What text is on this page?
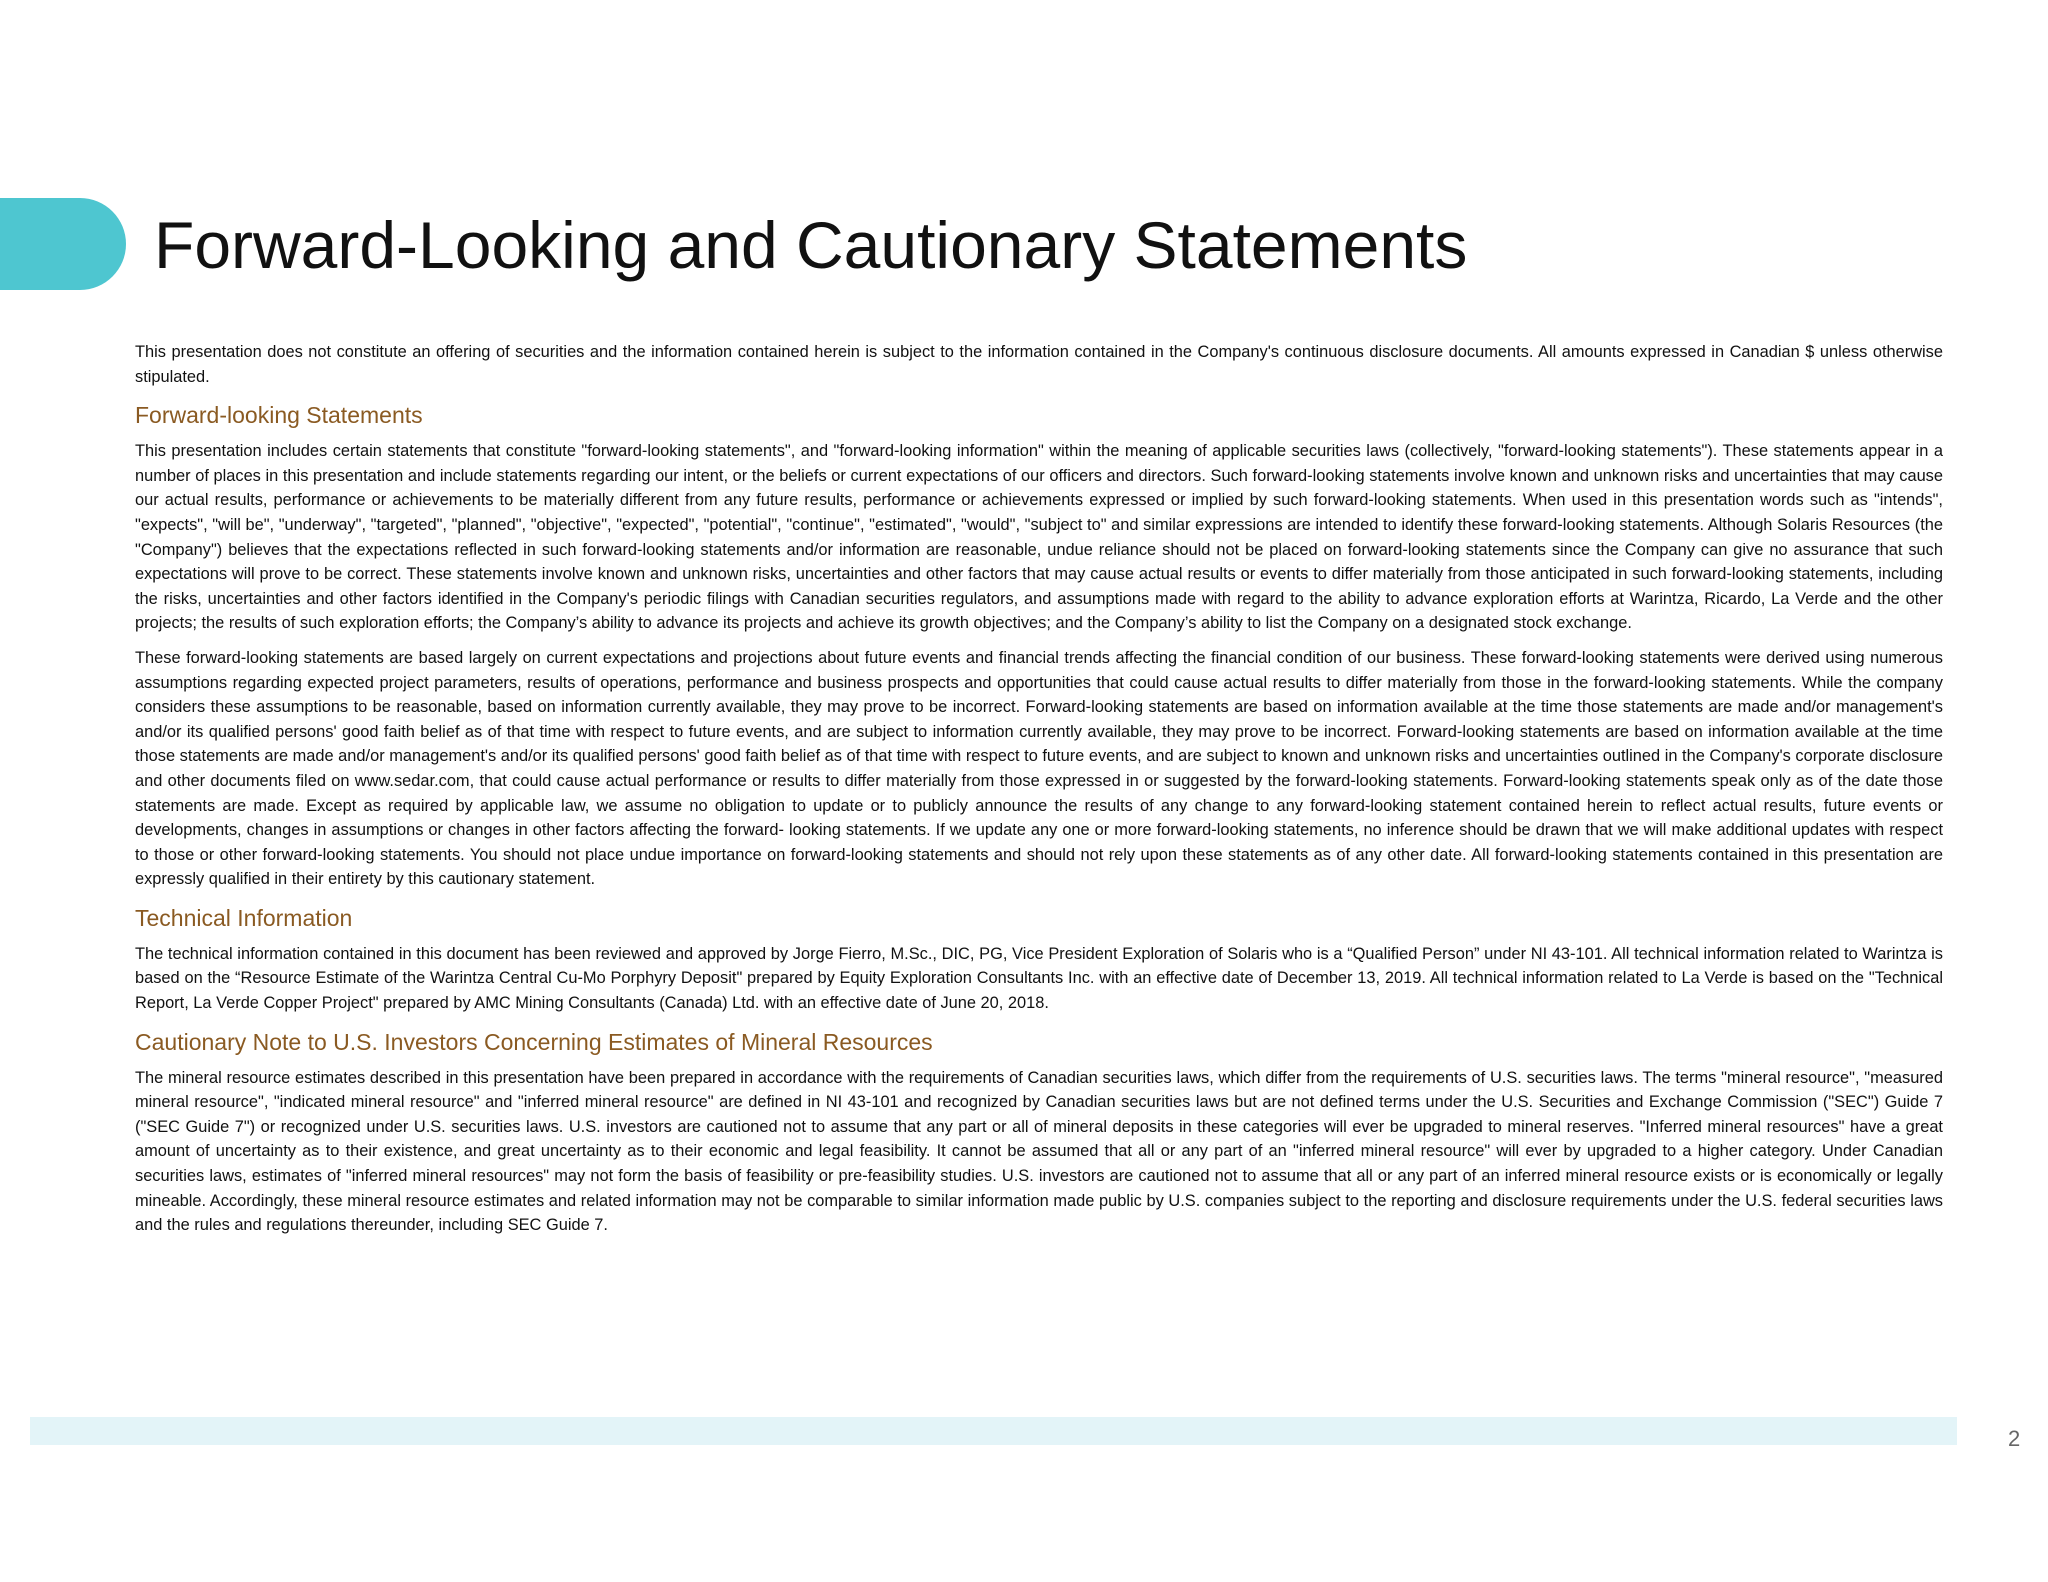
Forward-Looking and Cautionary Statements

This presentation does not constitute an offering of securities and the information contained herein is subject to the information contained in the Company's continuous disclosure documents. All amounts expressed in Canadian $ unless otherwise stipulated.

Forward-looking Statements

This presentation includes certain statements that constitute "forward-looking statements", and "forward-looking information" within the meaning of applicable securities laws (collectively, "forward-looking statements"). These statements appear in a number of places in this presentation and include statements regarding our intent, or the beliefs or current expectations of our officers and directors. Such forward-looking statements involve known and unknown risks and uncertainties that may cause our actual results, performance or achievements to be materially different from any future results, performance or achievements expressed or implied by such forward-looking statements. When used in this presentation words such as "intends", "expects", "will be", "underway", "targeted", "planned", "objective", "expected", "potential", "continue", "estimated", "would", "subject to" and similar expressions are intended to identify these forward-looking statements. Although Solaris Resources (the "Company") believes that the expectations reflected in such forward-looking statements and/or information are reasonable, undue reliance should not be placed on forward-looking statements since the Company can give no assurance that such expectations will prove to be correct. These statements involve known and unknown risks, uncertainties and other factors that may cause actual results or events to differ materially from those anticipated in such forward-looking statements, including the risks, uncertainties and other factors identified in the Company's periodic filings with Canadian securities regulators, and assumptions made with regard to the ability to advance exploration efforts at Warintza, Ricardo, La Verde and the other projects; the results of such exploration efforts; the Company’s ability to advance its projects and achieve its growth objectives; and the Company’s ability to list the Company on a designated stock exchange.

These forward-looking statements are based largely on current expectations and projections about future events and financial trends affecting the financial condition of our business. These forward-looking statements were derived using numerous assumptions regarding expected project parameters, results of operations, performance and business prospects and opportunities that could cause actual results to differ materially from those in the forward-looking statements. While the company considers these assumptions to be reasonable, based on information currently available, they may prove to be incorrect. Forward-looking statements are based on information available at the time those statements are made and/or management's and/or its qualified persons' good faith belief as of that time with respect to future events, and are subject to information currently available, they may prove to be incorrect. Forward-looking statements are based on information available at the time those statements are made and/or management's and/or its qualified persons' good faith belief as of that time with respect to future events, and are subject to known and unknown risks and uncertainties outlined in the Company's corporate disclosure and other documents filed on www.sedar.com, that could cause actual performance or results to differ materially from those expressed in or suggested by the forward-looking statements. Forward-looking statements speak only as of the date those statements are made. Except as required by applicable law, we assume no obligation to update or to publicly announce the results of any change to any forward-looking statement contained herein to reflect actual results, future events or developments, changes in assumptions or changes in other factors affecting the forward- looking statements. If we update any one or more forward-looking statements, no inference should be drawn that we will make additional updates with respect to those or other forward-looking statements. You should not place undue importance on forward-looking statements and should not rely upon these statements as of any other date. All forward-looking statements contained in this presentation are expressly qualified in their entirety by this cautionary statement.

Technical Information

The technical information contained in this document has been reviewed and approved by Jorge Fierro, M.Sc., DIC, PG, Vice President Exploration of Solaris who is a “Qualified Person” under NI 43-101. All technical information related to Warintza is based on the “Resource Estimate of the Warintza Central Cu-Mo Porphyry Deposit" prepared by Equity Exploration Consultants Inc. with an effective date of December 13, 2019. All technical information related to La Verde is based on the "Technical Report, La Verde Copper Project" prepared by AMC Mining Consultants (Canada) Ltd. with an effective date of June 20, 2018.

Cautionary Note to U.S. Investors Concerning Estimates of Mineral Resources

The mineral resource estimates described in this presentation have been prepared in accordance with the requirements of Canadian securities laws, which differ from the requirements of U.S. securities laws. The terms "mineral resource", "measured mineral resource", "indicated mineral resource" and "inferred mineral resource" are defined in NI 43-101 and recognized by Canadian securities laws but are not defined terms under the U.S. Securities and Exchange Commission ("SEC") Guide 7 ("SEC Guide 7") or recognized under U.S. securities laws. U.S. investors are cautioned not to assume that any part or all of mineral deposits in these categories will ever be upgraded to mineral reserves. "Inferred mineral resources" have a great amount of uncertainty as to their existence, and great uncertainty as to their economic and legal feasibility. It cannot be assumed that all or any part of an "inferred mineral resource" will ever by upgraded to a higher category. Under Canadian securities laws, estimates of "inferred mineral resources" may not form the basis of feasibility or pre-feasibility studies. U.S. investors are cautioned not to assume that all or any part of an inferred mineral resource exists or is economically or legally mineable. Accordingly, these mineral resource estimates and related information may not be comparable to similar information made public by U.S. companies subject to the reporting and disclosure requirements under the U.S. federal securities laws and the rules and regulations thereunder, including SEC Guide 7.

2
